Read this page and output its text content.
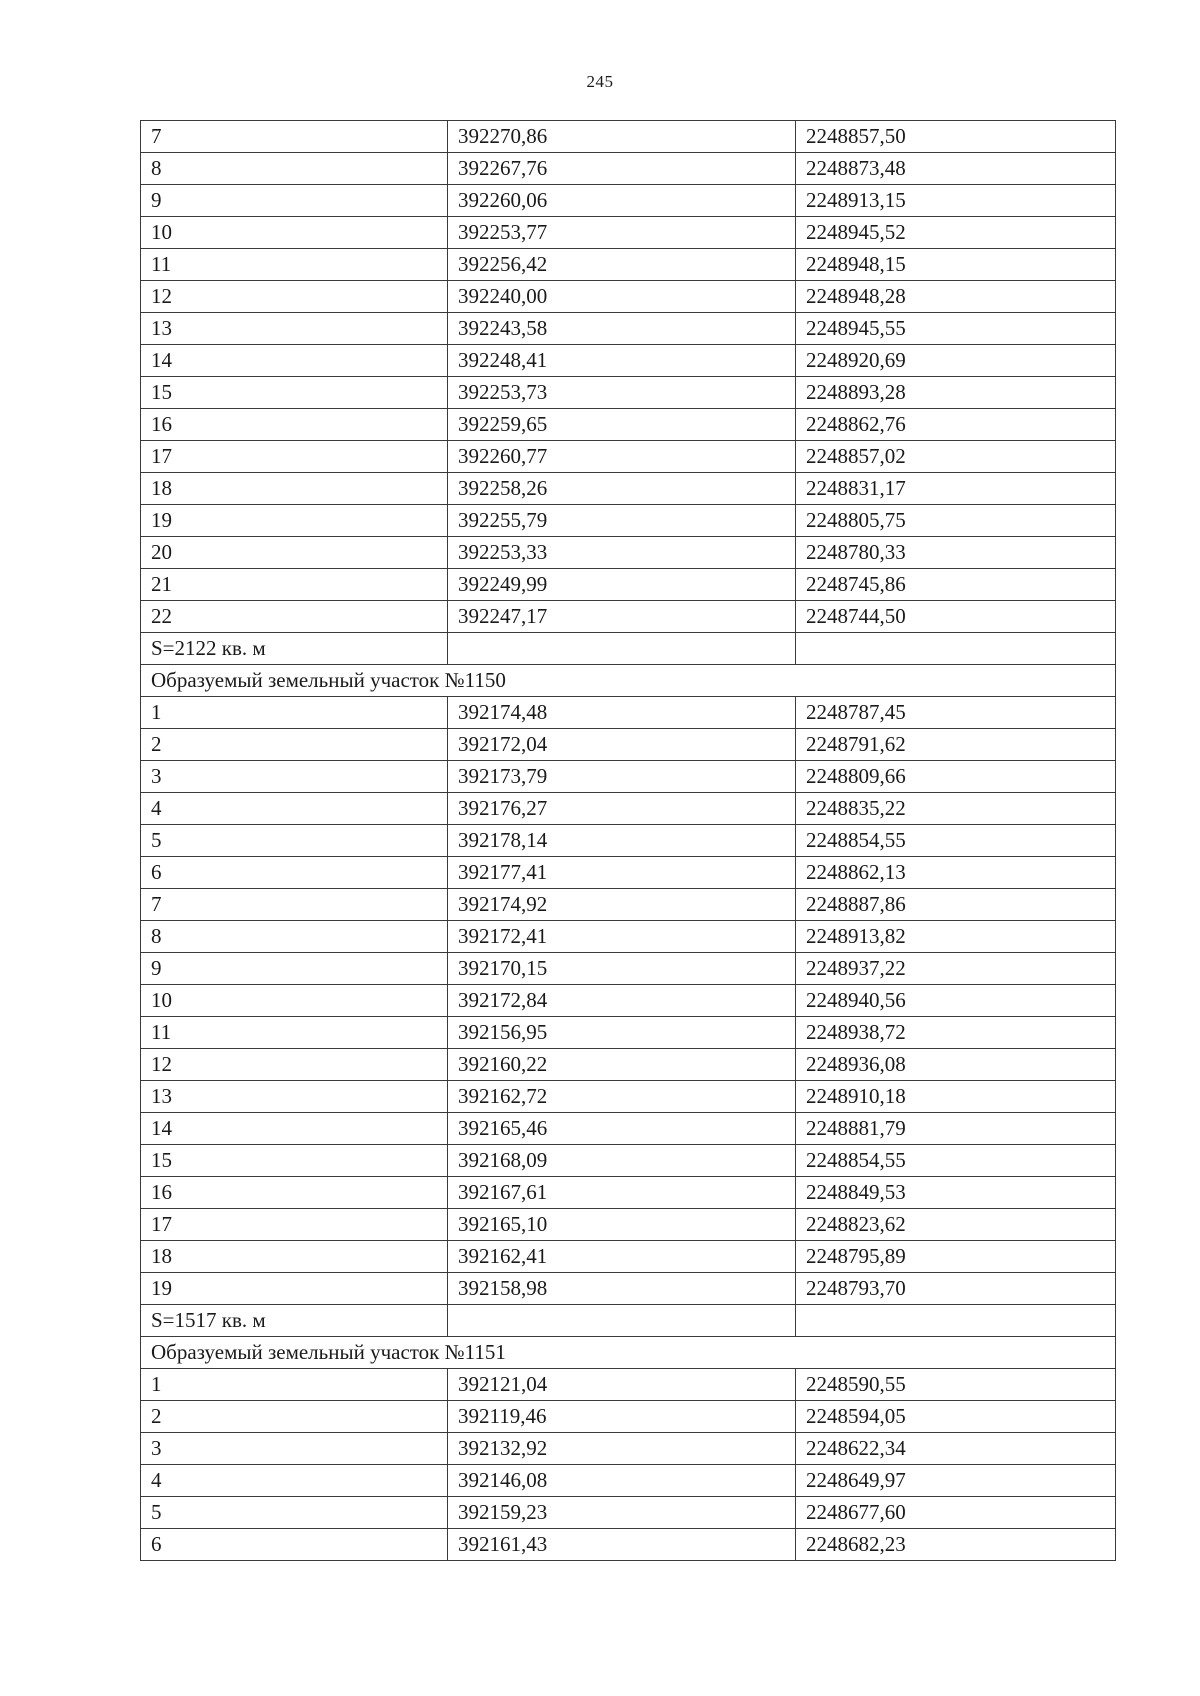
245
7	392270,86	2248857,50
8	392267,76	2248873,48
9	392260,06	2248913,15
10	392253,77	2248945,52
11	392256,42	2248948,15
12	392240,00	2248948,28
13	392243,58	2248945,55
14	392248,41	2248920,69
15	392253,73	2248893,28
16	392259,65	2248862,76
17	392260,77	2248857,02
18	392258,26	2248831,17
19	392255,79	2248805,75
20	392253,33	2248780,33
21	392249,99	2248745,86
22	392247,17	2248744,50
S=2122 кв. м		
Образуемый земельный участок №1150		
1	392174,48	2248787,45
2	392172,04	2248791,62
3	392173,79	2248809,66
4	392176,27	2248835,22
5	392178,14	2248854,55
6	392177,41	2248862,13
7	392174,92	2248887,86
8	392172,41	2248913,82
9	392170,15	2248937,22
10	392172,84	2248940,56
11	392156,95	2248938,72
12	392160,22	2248936,08
13	392162,72	2248910,18
14	392165,46	2248881,79
15	392168,09	2248854,55
16	392167,61	2248849,53
17	392165,10	2248823,62
18	392162,41	2248795,89
19	392158,98	2248793,70
S=1517 кв. м		
Образуемый земельный участок №1151		
1	392121,04	2248590,55
2	392119,46	2248594,05
3	392132,92	2248622,34
4	392146,08	2248649,97
5	392159,23	2248677,60
6	392161,43	2248682,23
